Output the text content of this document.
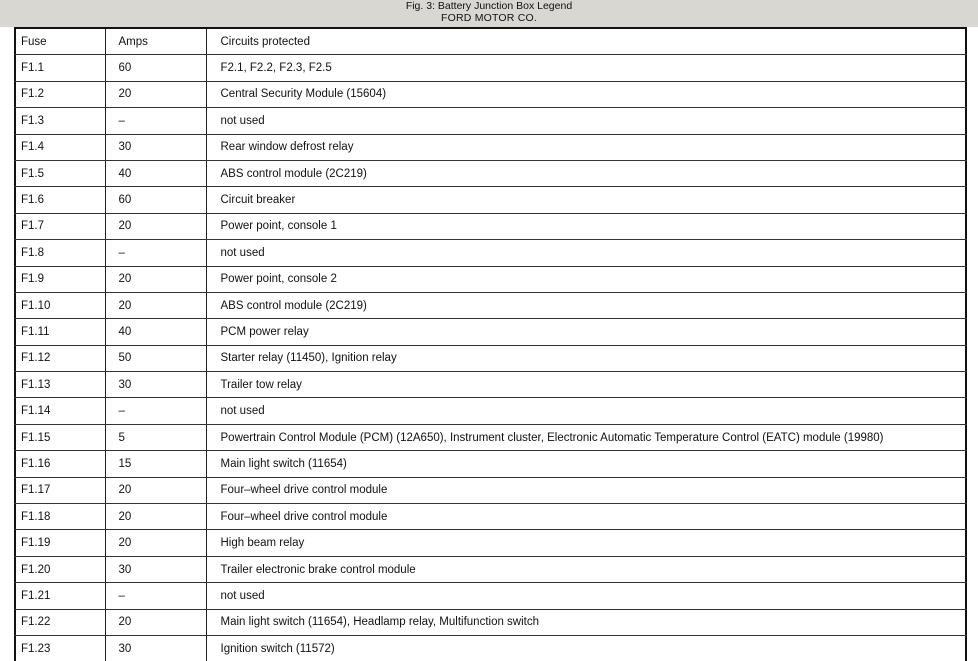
Fig. 3: Battery Junction Box Legend
FORD MOTOR CO.
Fuse	Amps	Circuits protected
F1.1	60	F2.1, F2.2, F2.3, F2.5
F1.2	20	Central Security Module (15604)
F1.3	–	not used
F1.4	30	Rear window defrost relay
F1.5	40	ABS control module (2C219)
F1.6	60	Circuit breaker
F1.7	20	Power point, console 1
F1.8	–	not used
F1.9	20	Power point, console 2
F1.10	20	ABS control module (2C219)
F1.11	40	PCM power relay
F1.12	50	Starter relay (11450), Ignition relay
F1.13	30	Trailer tow relay
F1.14	–	not used
F1.15	5	Powertrain Control Module (PCM) (12A650), Instrument cluster, Electronic Automatic Temperature Control (EATC) module (19980)
F1.16	15	Main light switch (11654)
F1.17	20	Four–wheel drive control module
F1.18	20	Four–wheel drive control module
F1.19	20	High beam relay
F1.20	30	Trailer electronic brake control module
F1.21	–	not used
F1.22	20	Main light switch (11654), Headlamp relay, Multifunction switch
F1.23	30	Ignition switch (11572)
